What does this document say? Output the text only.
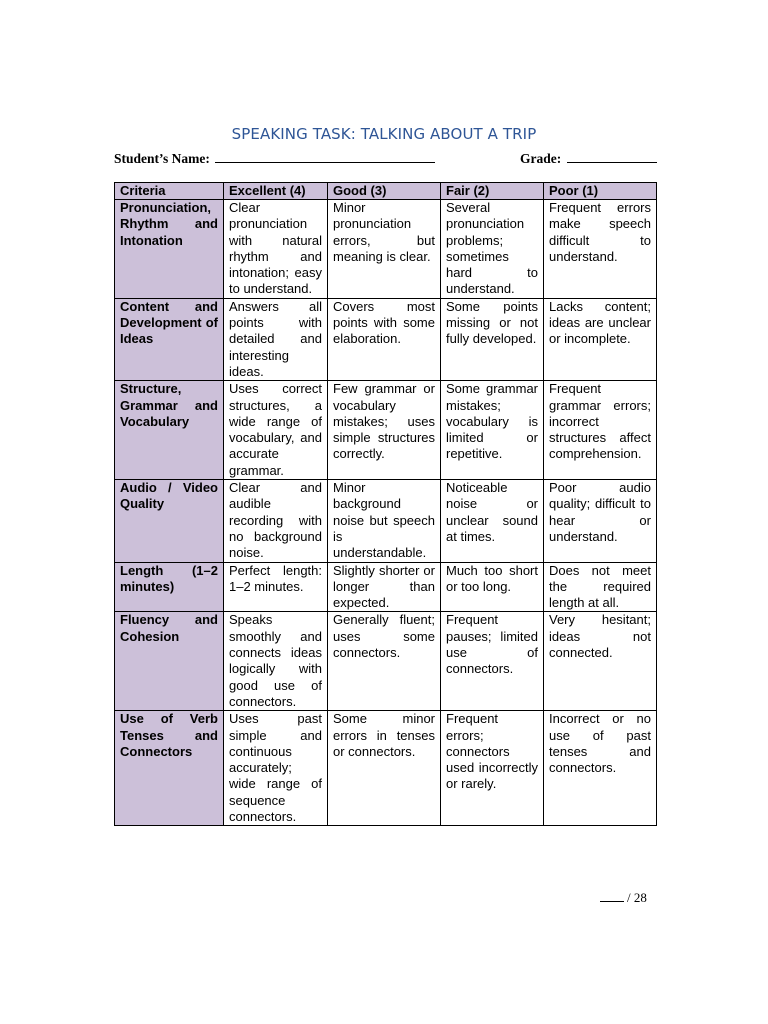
SPEAKING TASK: TALKING ABOUT A TRIP
Student’s Name:	Grade:
Criteria	Excellent (4)	Good (3)	Fair (2)	Poor (1)
Pronunciation, Rhythm and Intonation	Clear pronunciation with natural rhythm and intonation; easy to understand.	Minor pronunciation errors, but meaning is clear.	Several pronunciation problems; sometimes hard to understand.	Frequent errors make speech difficult to understand.
Content and Development of Ideas	Answers all points with detailed and interesting ideas.	Covers most points with some elaboration.	Some points missing or not fully developed.	Lacks content; ideas are unclear or incomplete.
Structure, Grammar and Vocabulary	Uses correct structures, a wide range of vocabulary, and accurate grammar.	Few grammar or vocabulary mistakes; uses simple structures correctly.	Some grammar mistakes; vocabulary is limited or repetitive.	Frequent grammar errors; incorrect structures affect comprehension.
Audio / Video Quality	Clear and audible recording with no background noise.	Minor background noise but speech is understandable.	Noticeable noise or unclear sound at times.	Poor audio quality; difficult to hear or understand.
Length (1–2 minutes)	Perfect length: 1–2 minutes.	Slightly shorter or longer than expected.	Much too short or too long.	Does not meet the required length at all.
Fluency and Cohesion	Speaks smoothly and connects ideas logically with good use of connectors.	Generally fluent; uses some connectors.	Frequent pauses; limited use of connectors.	Very hesitant; ideas not connected.
Use of Verb Tenses and Connectors	Uses past simple and continuous accurately; wide range of sequence connectors.	Some minor errors in tenses or connectors.	Frequent errors; connectors used incorrectly or rarely.	Incorrect or no use of past tenses and connectors.
/ 28
